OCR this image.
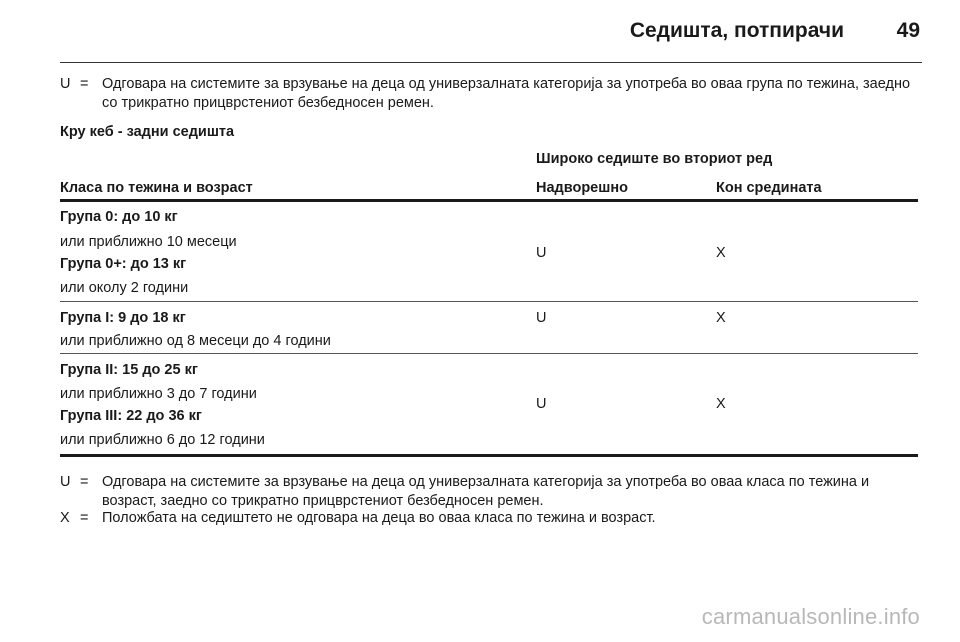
Седишта, потпирачи	49
U = Одговара на системите за врзување на деца од универзалната категорија за употреба во оваа група по тежина, заедно со трикратно прицврстениот безбедносен ремен.
Кру кеб - задни седишта
Широко седиште во вториот ред
Класа по тежина и возраст	Надворешно	Кон средината
Група 0: до 10 кг
или приближно 10 месеци
Група 0+: до 13 кг
или околу 2 години
U	X
Група I: 9 до 18 кг
или приближно од 8 месеци до 4 години
U	X
Група II: 15 до 25 кг
или приближно 3 до 7 години
Група III: 22 до 36 кг
или приближно 6 до 12 години
U	X
U = Одговара на системите за врзување на деца од универзалната категорија за употреба во оваа класа по тежина и возраст, заедно со трикратно прицврстениот безбедносен ремен.
X = Положбата на седиштето не одговара на деца во оваа класа по тежина и возраст.
carmanualsonline.info
